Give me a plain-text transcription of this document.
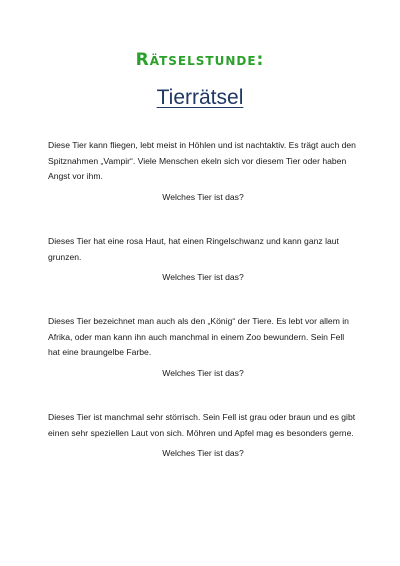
Rätselstunde:
Tierrätsel

Diese Tier kann fliegen, lebt meist in Höhlen und ist nachtaktiv. Es trägt auch den Spitznahmen „Vampir“. Viele Menschen ekeln sich vor diesem Tier oder haben Angst vor ihm.

Welches Tier ist das?

Dieses Tier hat eine rosa Haut, hat einen Ringelschwanz und kann ganz laut grunzen.

Welches Tier ist das?

Dieses Tier bezeichnet man auch als den „König“ der Tiere. Es lebt vor allem in Afrika, oder man kann ihn auch manchmal in einem Zoo bewundern. Sein Fell hat eine braungelbe Farbe.

Welches Tier ist das?

Dieses Tier ist manchmal sehr störrisch. Sein Fell ist grau oder braun und es gibt einen sehr speziellen Laut von sich. Möhren und Apfel mag es besonders gerne.

Welches Tier ist das?
